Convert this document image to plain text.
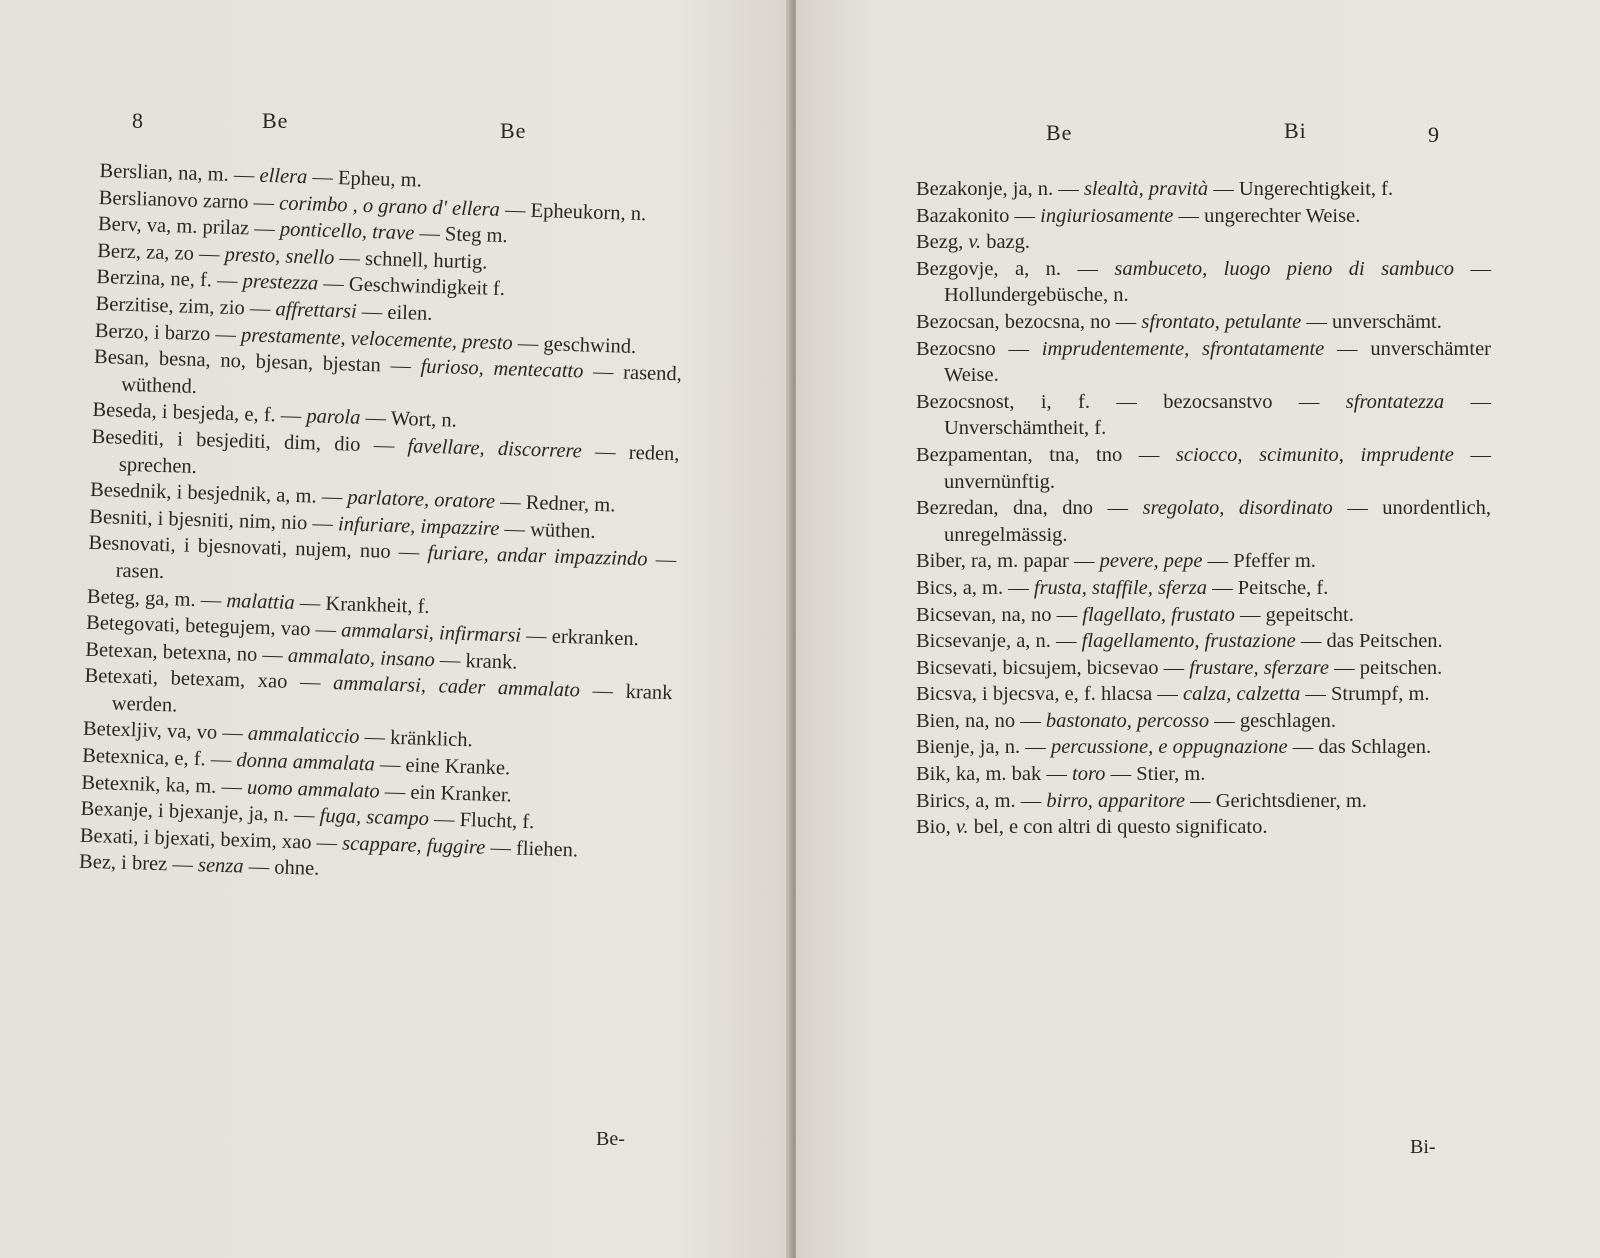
8	Be	Be

Berslian, na, m. — ellera — Epheu, m.

Berslianovo zarno — corimbo , o grano d' ellera — Epheukorn, n.

Berv, va, m. prilaz — ponticello, trave — Steg m.

Berz, za, zo — presto, snello — schnell, hurtig.

Berzina, ne, f. — prestezza — Geschwindigkeit f.

Berzitise, zim, zio — affrettarsi — eilen.

Berzo, i barzo — prestamente, velocemente, presto — geschwind.

Besan, besna, no, bjesan, bjestan — furioso, mentecatto — rasend, wüthend.

Beseda, i besjeda, e, f. — parola — Wort, n.

Besediti, i besjediti, dim, dio — favellare, discorrere — reden, sprechen.

Besednik, i besjednik, a, m. — parlatore, oratore — Redner, m.

Besniti, i bjesniti, nim, nio — infuriare, impazzire — wüthen.

Besnovati, i bjesnovati, nujem, nuo — furiare, andar impazzindo — rasen.

Beteg, ga, m. — malattia — Krankheit, f.

Betegovati, betegujem, vao — ammalarsi, infirmarsi — erkranken.

Betexan, betexna, no — ammalato, insano — krank.

Betexati, betexam, xao — ammalarsi, cader ammalato — krank werden.

Betexljiv, va, vo — ammalaticcio — kränklich.

Betexnica, e, f. — donna ammalata — eine Kranke.

Betexnik, ka, m. — uomo ammalato — ein Kranker.

Bexanje, i bjexanje, ja, n. — fuga, scampo — Flucht, f.

Bexati, i bjexati, bexim, xao — scappare, fuggire — fliehen.

Bez, i brez — senza — ohne.

Be-
Be	Bi	9

Bezakonje, ja, n. — slealtà, pravità — Ungerechtigkeit, f.

Bazakonito — ingiuriosamente — ungerechter Weise.

Bezg, v. bazg.

Bezgovje, a, n. — sambuceto, luogo pieno di sambuco — Hollundergebüsche, n.

Bezocsan, bezocsna, no — sfrontato, petulante — unverschämt.

Bezocsno — imprudentemente, sfrontatamente — unverschämter Weise.

Bezocsnost, i, f. — bezocsanstvo — sfrontatezza — Unverschämtheit, f.

Bezpamentan, tna, tno — sciocco, scimunito, imprudente — unvernünftig.

Bezredan, dna, dno — sregolato, disordinato — unordentlich, unregelmässig.

Biber, ra, m. papar — pevere, pepe — Pfeffer m.

Bics, a, m. — frusta, staffile, sferza — Peitsche, f.

Bicsevan, na, no — flagellato, frustato — gepeitscht.

Bicsevanje, a, n. — flagellamento, frustazione — das Peitschen.

Bicsevati, bicsujem, bicsevao — frustare, sferzare — peitschen.

Bicsva, i bjecsva, e, f. hlacsa — calza, calzetta — Strumpf, m.

Bien, na, no — bastonato, percosso — geschlagen.

Bienje, ja, n. — percussione, e oppugnazione — das Schlagen.

Bik, ka, m. bak — toro — Stier, m.

Birics, a, m. — birro, apparitore — Gerichtsdiener, m.

Bio, v. bel, e con altri di questo significato.

Bi-
